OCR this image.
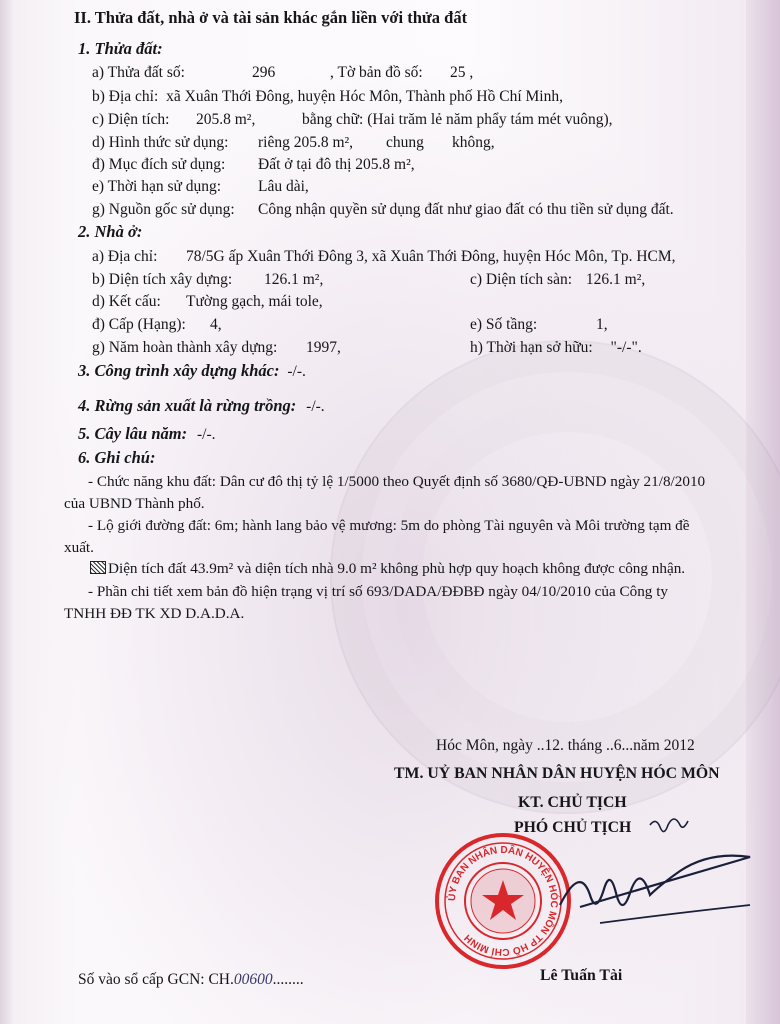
II. Thửa đất, nhà ở và tài sản khác gắn liền với thửa đất
1. Thửa đất:
a) Thửa đất số:	296	, Tờ bản đồ số: 25 ,
b) Địa chỉ: xã Xuân Thới Đông, huyện Hóc Môn, Thành phố Hồ Chí Minh,
c) Diện tích: 205.8 m²,	bằng chữ: (Hai trăm lẻ năm phẩy tám mét vuông),
d) Hình thức sử dụng: riêng 205.8 m², chung không,
đ) Mục đích sử dụng: Đất ở tại đô thị 205.8 m²,
e) Thời hạn sử dụng: Lâu dài,
g) Nguồn gốc sử dụng: Công nhận quyền sử dụng đất như giao đất có thu tiền sử dụng đất.
2. Nhà ở:
a) Địa chỉ: 78/5G ấp Xuân Thới Đông 3, xã Xuân Thới Đông, huyện Hóc Môn, Tp. HCM,
b) Diện tích xây dựng: 126.1 m²,	c) Diện tích sàn: 126.1 m²,
d) Kết cấu: Tường gạch, mái tole,
đ) Cấp (Hạng): 4,	e) Số tầng:	1,
g) Năm hoàn thành xây dựng: 1997,	h) Thời hạn sở hữu: "-/-".
3. Công trình xây dựng khác: -/-.
4. Rừng sản xuất là rừng trồng: -/-.
5. Cây lâu năm: -/-.
6. Ghi chú:
- Chức năng khu đất: Dân cư đô thị tỷ lệ 1/5000 theo Quyết định số 3680/QĐ-UBND ngày 21/8/2010
của UBND Thành phố.
- Lộ giới đường đất: 6m; hành lang bảo vệ mương: 5m do phòng Tài nguyên và Môi trường tạm đề
xuất.
Diện tích đất 43.9m² và diện tích nhà 9.0 m² không phù hợp quy hoạch không được công nhận.
- Phần chi tiết xem bản đồ hiện trạng vị trí số 693/DADA/ĐĐBĐ ngày 04/10/2010 của Công ty
TNHH ĐĐ TK XD D.A.D.A.
Hóc Môn, ngày ..12. tháng ..6...năm 2012
TM. UỶ BAN NHÂN DÂN HUYỆN HÓC MÔN
KT. CHỦ TỊCH
PHÓ CHỦ TỊCH
ỦY BAN NHÂN DÂN HUYỆN HÓC MÔN TP HỒ CHÍ MINH
Lê Tuấn Tài
Số vào sổ cấp GCN: CH.00600........
